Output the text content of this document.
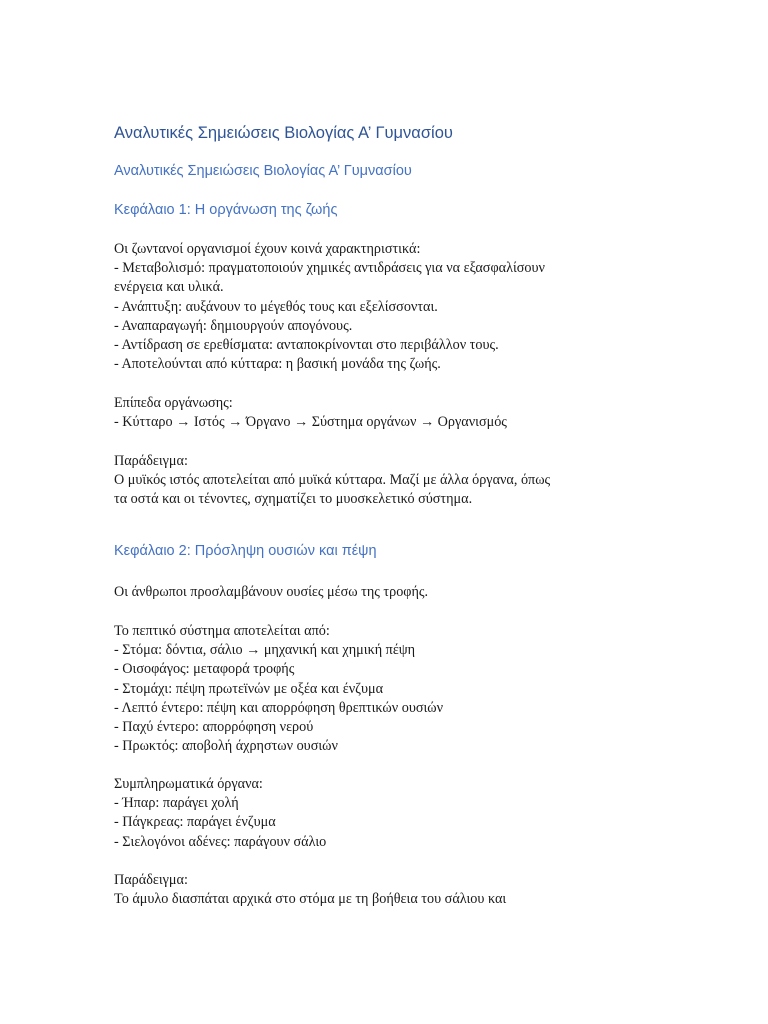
Αναλυτικές Σημειώσεις Βιολογίας Α’ Γυμνασίου
Αναλυτικές Σημειώσεις Βιολογίας Α’ Γυμνασίου
Κεφάλαιο 1: Η οργάνωση της ζωής
Οι ζωντανοί οργανισμοί έχουν κοινά χαρακτηριστικά:
- Μεταβολισμό: πραγματοποιούν χημικές αντιδράσεις για να εξασφαλίσουν
ενέργεια και υλικά.
- Ανάπτυξη: αυξάνουν το μέγεθός τους και εξελίσσονται.
- Αναπαραγωγή: δημιουργούν απογόνους.
- Αντίδραση σε ερεθίσματα: ανταποκρίνονται στο περιβάλλον τους.
- Αποτελούνται από κύτταρα: η βασική μονάδα της ζωής.
Επίπεδα οργάνωσης:
- Κύτταρο → Ιστός → Όργανο → Σύστημα οργάνων → Οργανισμός
Παράδειγμα:
Ο μυϊκός ιστός αποτελείται από μυϊκά κύτταρα. Μαζί με άλλα όργανα, όπως
τα οστά και οι τένοντες, σχηματίζει το μυοσκελετικό σύστημα.
Κεφάλαιο 2: Πρόσληψη ουσιών και πέψη
Οι άνθρωποι προσλαμβάνουν ουσίες μέσω της τροφής.
Το πεπτικό σύστημα αποτελείται από:
- Στόμα: δόντια, σάλιο → μηχανική και χημική πέψη
- Οισοφάγος: μεταφορά τροφής
- Στομάχι: πέψη πρωτεϊνών με οξέα και ένζυμα
- Λεπτό έντερο: πέψη και απορρόφηση θρεπτικών ουσιών
- Παχύ έντερο: απορρόφηση νερού
- Πρωκτός: αποβολή άχρηστων ουσιών
Συμπληρωματικά όργανα:
- Ήπαρ: παράγει χολή
- Πάγκρεας: παράγει ένζυμα
- Σιελογόνοι αδένες: παράγουν σάλιο
Παράδειγμα:
Το άμυλο διασπάται αρχικά στο στόμα με τη βοήθεια του σάλιου και
